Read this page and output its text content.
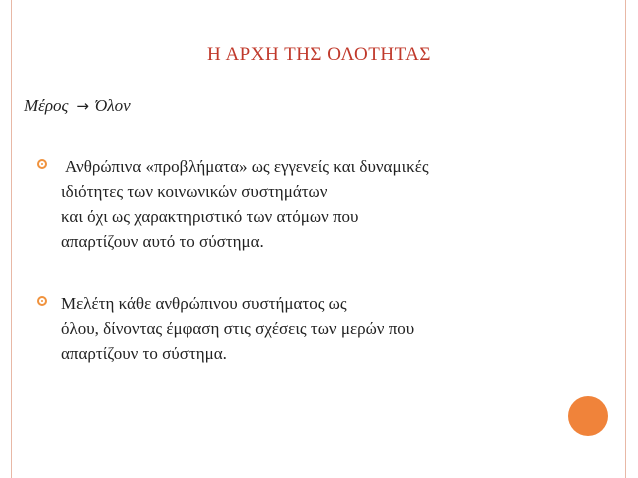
Η ΑΡΧΗ ΤΗΣ ΟΛΟΤΗΤΑΣ
Μέρος → Όλον
Ανθρώπινα «προβλήματα» ως εγγενείς και δυναμικές
ιδιότητες των κοινωνικών συστημάτων
και όχι ως χαρακτηριστικό των ατόμων που
απαρτίζουν αυτό το σύστημα.
Μελέτη κάθε ανθρώπινου συστήματος ως
όλου, δίνοντας έμφαση στις σχέσεις των μερών που
απαρτίζουν το σύστημα.
